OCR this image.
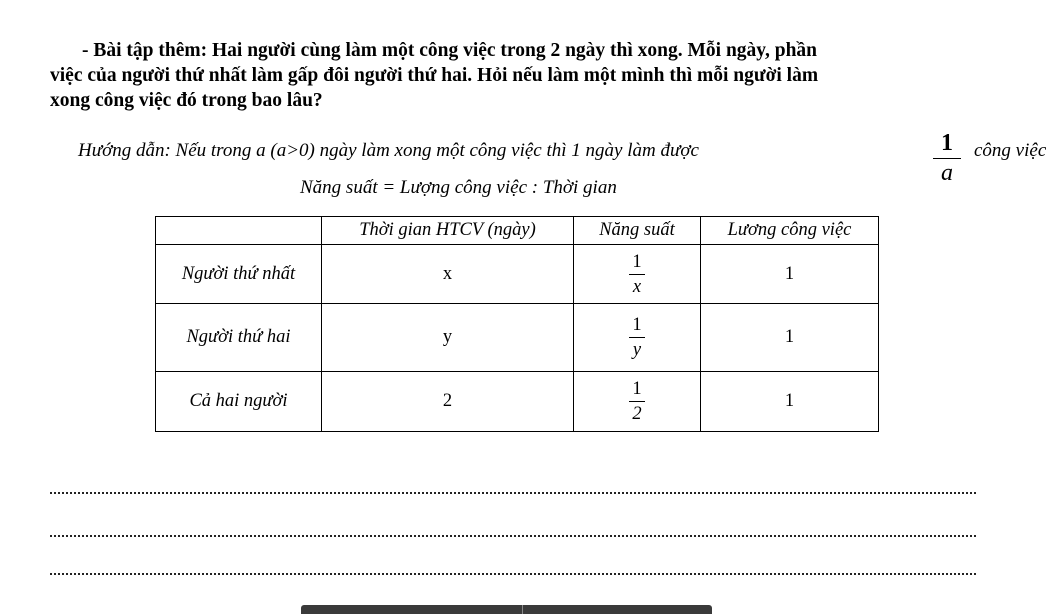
- Bài tập thêm: Hai người cùng làm một công việc trong 2 ngày thì xong. Mỗi ngày, phần
việc của người thứ nhất làm gấp đôi người thứ hai. Hỏi nếu làm một mình thì mỗi người làm
xong công việc đó trong bao lâu?
Hướng dẫn: Nếu trong a (a>0) ngày làm xong một công việc thì 1 ngày làm được	1
a
công việc
Năng suất = Lượng công việc : Thời gian
	Thời gian HTCV (ngày)	Năng suất	Lương công việc
Người thứ nhất	x	$\frac{1}{x}$	1
Người thứ hai	y	$\frac{1}{y}$	1
Cả hai người	2	$\frac{1}{2}$	1
